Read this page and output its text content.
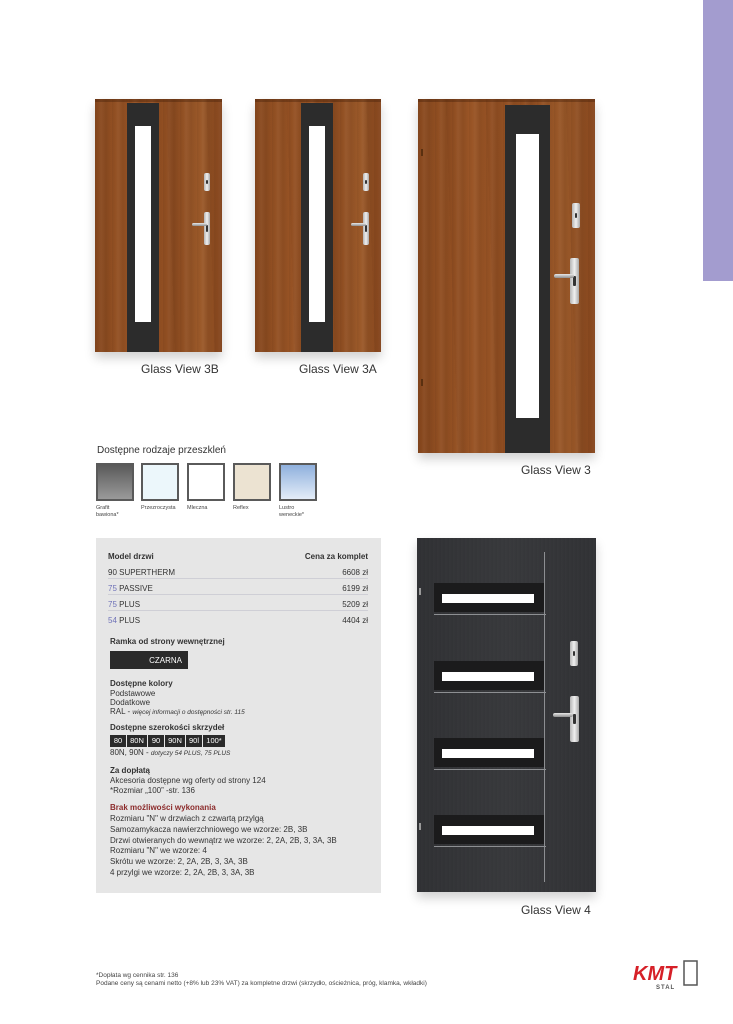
Glass View 3B	Glass View 3A
Glass View 3
Glass View 4
Dostępne rodzaje przeszkleń
Grafit bawiona*
Przezroczysta Mleczna	Reflex	Lustro weneckie*
Model drzwi	Cena za komplet
90 SUPERTHERM	6608 zł
75 PASSIVE	6199 zł
75 PLUS	5209 zł
54 PLUS	4404 zł
Ramka od strony wewnętrznej
CZARNA
Dostępne kolory
Podstawowe
Dodatkowe
RAL - więcej informacji o dostępności str. 115
Dostępne szerokości skrzydeł
80	80N	90	90N 90l 100*
80N, 90N - dotyczy 54 PLUS, 75 PLUS
Za dopłatą
Akcesoria dostępne wg oferty od strony 124
*Rozmiar „100” -str. 136
Brak możliwości wykonania
Rozmiaru "N" w drzwiach z czwartą przylgą
Samozamykacza nawierzchniowego we wzorze: 2B, 3B
Drzwi otwieranych do wewnątrz we wzorze: 2, 2A, 2B, 3, 3A, 3B
Rozmiaru "N" we wzorze: 4
Skrótu we wzorze: 2, 2A, 2B, 3, 3A, 3B
4 przylgi we wzorze: 2, 2A, 2B, 3, 3A, 3B
*Dopłata wg cennika str. 136
Podane ceny są cenami netto (+8% lub 23% VAT) za kompletne drzwi (skrzydło, ościeżnica, próg, klamka, wkładki)	KMT
STAL
